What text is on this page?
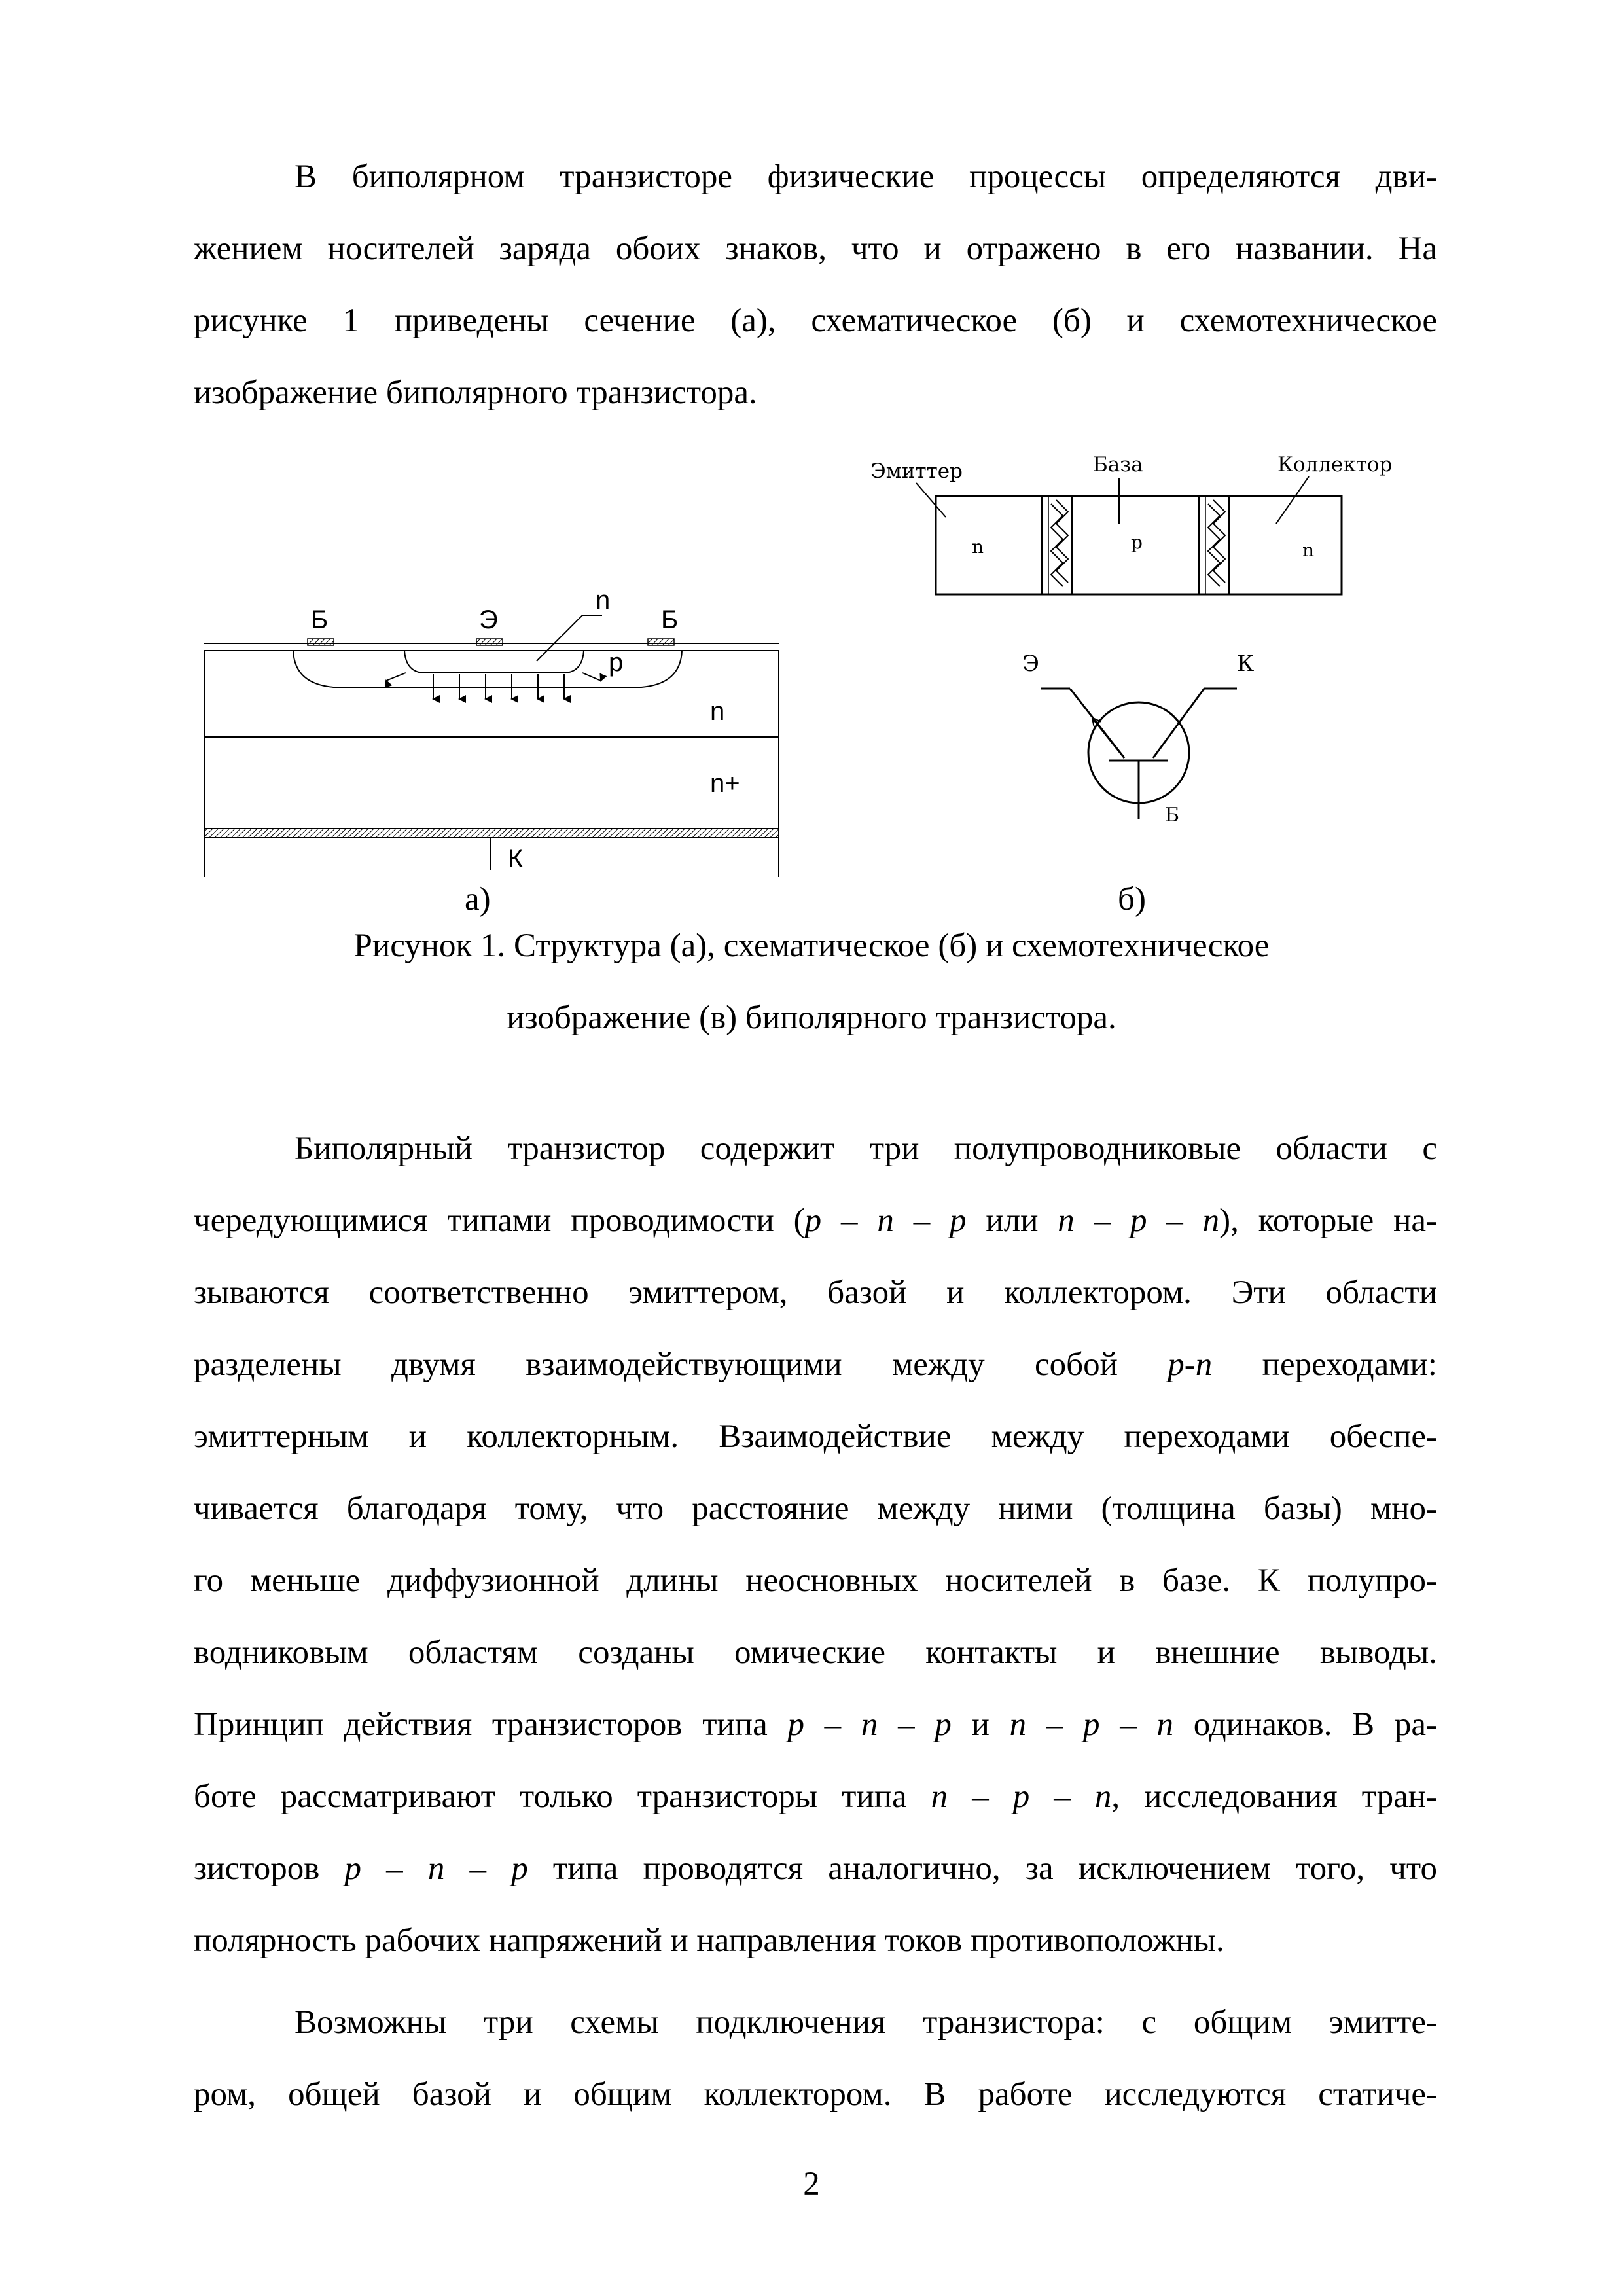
В биполярном транзисторе физические процессы определяются дви-
жением носителей заряда обоих знаков, что и отражено в его названии. На
рисунке 1 приведены сечение (а), схематическое (б) и схемотехническое
изображение биполярного транзистора.
Б	Э
n
Б
p
n
n+
К
Эмиттер	База	Коллектор
n	p	n
Э	К
Б
а)	б)
Рисунок 1. Структура (а), схематическое (б) и схемотехническое
изображение (в) биполярного транзистора.
Биполярный транзистор содержит три полупроводниковые области с
чередующимися типами проводимости (p – n – p или n – p – n), которые на-
зываются соответственно эмиттером, базой и коллектором. Эти области
разделены двумя взаимодействующими между собой p-n переходами:
эмиттерным и коллекторным. Взаимодействие между переходами обеспе-
чивается благодаря тому, что расстояние между ними (толщина базы) мно-
го меньше диффузионной длины неосновных носителей в базе. К полупро-
водниковым областям созданы омические контакты и внешние выводы.
Принцип действия транзисторов типа p – n – p и n – p – n одинаков. В ра-
боте рассматривают только транзисторы типа n – p – n, исследования тран-
зисторов p – n – p типа проводятся аналогично, за исключением того, что
полярность рабочих напряжений и направления токов противоположны.
Возможны три схемы подключения транзистора: с общим эмитте-
ром, общей базой и общим коллектором. В работе исследуются статиче-
2
